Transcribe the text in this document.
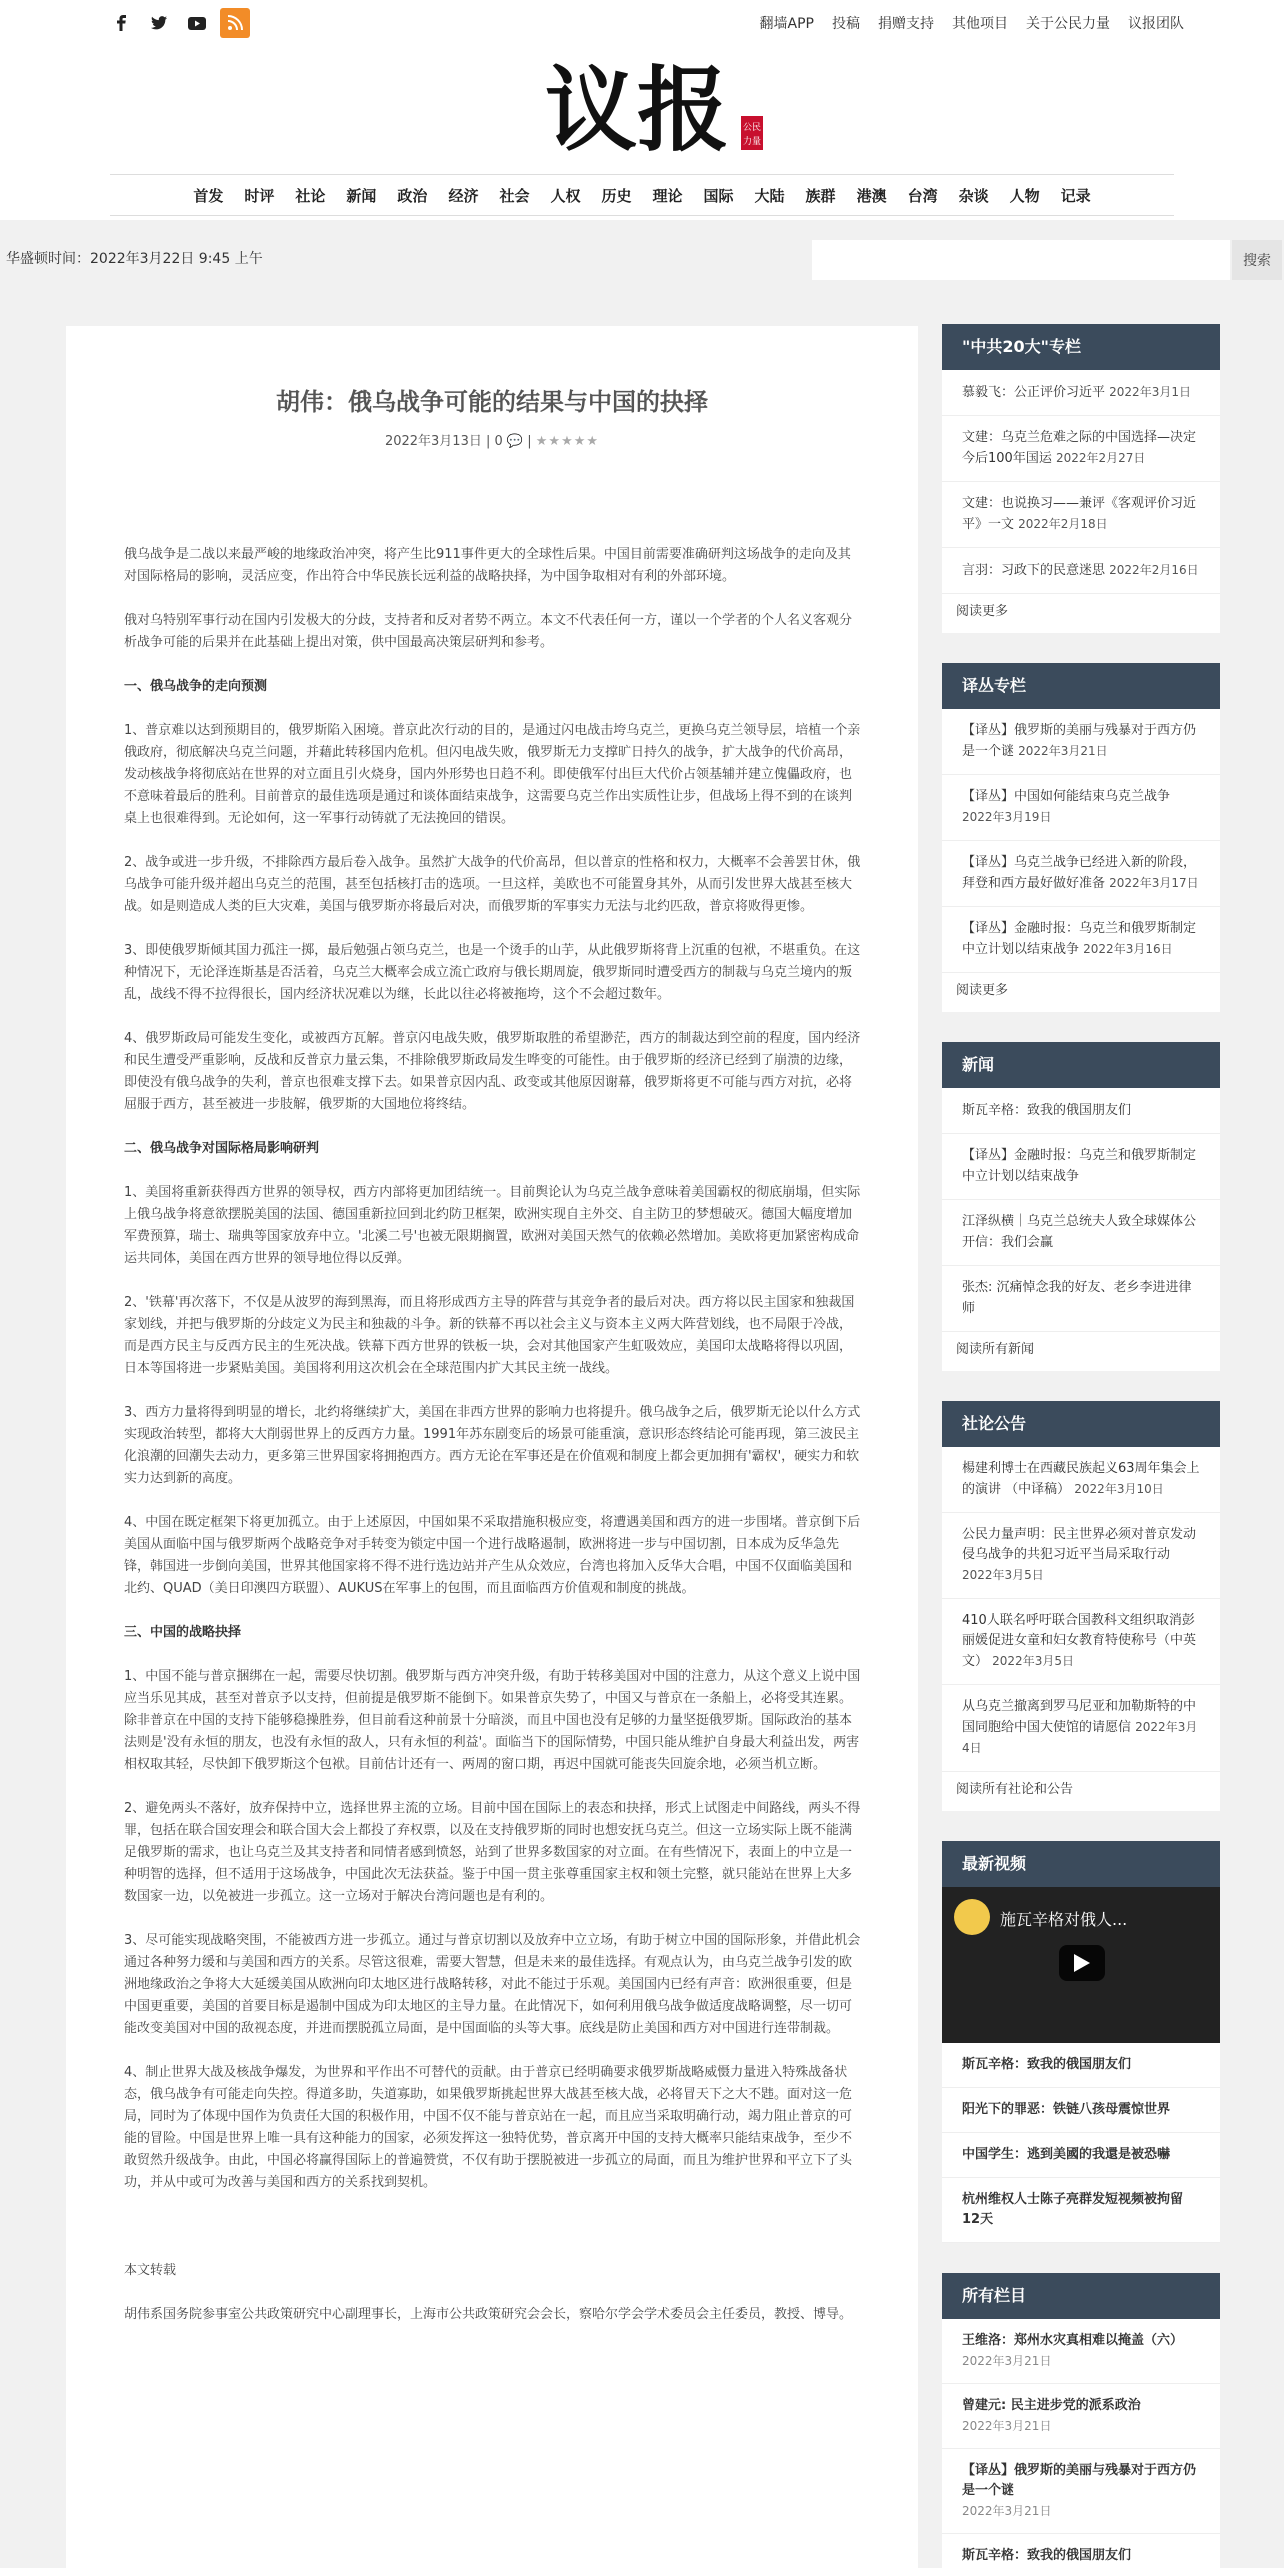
翻墙APP 投稿 捐赠支持 其他项目 关于公民力量 议报团队
议报 公民
力量
首发 时评 社论 新闻 政治 经济 社会 人权 历史 理论 国际 大陆 族群 港澳 台湾 杂谈 人物 记录
华盛顿时间：2022年3月22日 9:45 上午	搜索
胡伟：俄乌战争可能的结果与中国的抉择
2022年3月13日 | 0 💬 | ★★★★★

俄乌战争是二战以来最严峻的地缘政治冲突，将产生比911事件更大的全球性后果。中国目前需要准确研判这场战争的走向及其对国际格局的影响，灵活应变，作出符合中华民族长远利益的战略抉择，为中国争取相对有利的外部环境。

俄对乌特别军事行动在国内引发极大的分歧，支持者和反对者势不两立。本文不代表任何一方，谨以一个学者的个人名义客观分析战争可能的后果并在此基础上提出对策，供中国最高决策层研判和参考。

一、俄乌战争的走向预测

1、普京难以达到预期目的，俄罗斯陷入困境。普京此次行动的目的，是通过闪电战击垮乌克兰，更换乌克兰领导层，培植一个亲俄政府，彻底解决乌克兰问题，并藉此转移国内危机。但闪电战失败，俄罗斯无力支撑旷日持久的战争，扩大战争的代价高昂，发动核战争将彻底站在世界的对立面且引火烧身，国内外形势也日趋不利。即使俄军付出巨大代价占领基辅并建立傀儡政府，也不意味着最后的胜利。目前普京的最佳选项是通过和谈体面结束战争，这需要乌克兰作出实质性让步，但战场上得不到的在谈判桌上也很难得到。无论如何，这一军事行动铸就了无法挽回的错误。

2、战争或进一步升级，不排除西方最后卷入战争。虽然扩大战争的代价高昂，但以普京的性格和权力，大概率不会善罢甘休，俄乌战争可能升级并超出乌克兰的范围，甚至包括核打击的选项。一旦这样，美欧也不可能置身其外，从而引发世界大战甚至核大战。如是则造成人类的巨大灾难，美国与俄罗斯亦将最后对决，而俄罗斯的军事实力无法与北约匹敌，普京将败得更惨。

3、即使俄罗斯倾其国力孤注一掷，最后勉强占领乌克兰，也是一个烫手的山芋，从此俄罗斯将背上沉重的包袱，不堪重负。在这种情况下，无论泽连斯基是否活着，乌克兰大概率会成立流亡政府与俄长期周旋，俄罗斯同时遭受西方的制裁与乌克兰境内的叛乱，战线不得不拉得很长，国内经济状况难以为继，长此以往必将被拖垮，这个不会超过数年。

4、俄罗斯政局可能发生变化，或被西方瓦解。普京闪电战失败，俄罗斯取胜的希望渺茫，西方的制裁达到空前的程度，国内经济和民生遭受严重影响，反战和反普京力量云集，不排除俄罗斯政局发生哗变的可能性。由于俄罗斯的经济已经到了崩溃的边缘，即使没有俄乌战争的失利，普京也很难支撑下去。如果普京因内乱、政变或其他原因谢幕，俄罗斯将更不可能与西方对抗，必将屈服于西方，甚至被进一步肢解，俄罗斯的大国地位将终结。

二、俄乌战争对国际格局影响研判

1、美国将重新获得西方世界的领导权，西方内部将更加团结统一。目前舆论认为乌克兰战争意味着美国霸权的彻底崩塌，但实际上俄乌战争将意欲摆脱美国的法国、德国重新拉回到北约防卫框架，欧洲实现自主外交、自主防卫的梦想破灭。德国大幅度增加军费预算，瑞士、瑞典等国家放弃中立。'北溪二号'也被无限期搁置，欧洲对美国天然气的依赖必然增加。美欧将更加紧密构成命运共同体，美国在西方世界的领导地位得以反弹。

2、'铁幕'再次落下，不仅是从波罗的海到黑海，而且将形成西方主导的阵营与其竞争者的最后对决。西方将以民主国家和独裁国家划线，并把与俄罗斯的分歧定义为民主和独裁的斗争。新的铁幕不再以社会主义与资本主义两大阵营划线，也不局限于冷战，而是西方民主与反西方民主的生死决战。铁幕下西方世界的铁板一块，会对其他国家产生虹吸效应，美国印太战略将得以巩固，日本等国将进一步紧贴美国。美国将利用这次机会在全球范围内扩大其民主统一战线。

3、西方力量将得到明显的增长，北约将继续扩大，美国在非西方世界的影响力也将提升。俄乌战争之后，俄罗斯无论以什么方式实现政治转型，都将大大削弱世界上的反西方力量。1991年苏东剧变后的场景可能重演，意识形态终结论可能再现，第三波民主化浪潮的回潮失去动力，更多第三世界国家将拥抱西方。西方无论在军事还是在价值观和制度上都会更加拥有'霸权'，硬实力和软实力达到新的高度。

4、中国在既定框架下将更加孤立。由于上述原因，中国如果不采取措施积极应变，将遭遇美国和西方的进一步围堵。普京倒下后美国从面临中国与俄罗斯两个战略竞争对手转变为锁定中国一个进行战略遏制，欧洲将进一步与中国切割，日本成为反华急先锋，韩国进一步倒向美国，世界其他国家将不得不进行选边站并产生从众效应，台湾也将加入反华大合唱，中国不仅面临美国和北约、QUAD（美日印澳四方联盟）、AUKUS在军事上的包围，而且面临西方价值观和制度的挑战。

三、中国的战略抉择

1、中国不能与普京捆绑在一起，需要尽快切割。俄罗斯与西方冲突升级，有助于转移美国对中国的注意力，从这个意义上说中国应当乐见其成，甚至对普京予以支持，但前提是俄罗斯不能倒下。如果普京失势了，中国又与普京在一条船上，必将受其连累。除非普京在中国的支持下能够稳操胜券，但目前看这种前景十分暗淡，而且中国也没有足够的力量坚挺俄罗斯。国际政治的基本法则是'没有永恒的朋友，也没有永恒的敌人，只有永恒的利益'。面临当下的国际情势，中国只能从维护自身最大利益出发，两害相权取其轻，尽快卸下俄罗斯这个包袱。目前估计还有一、两周的窗口期，再迟中国就可能丧失回旋余地，必须当机立断。

2、避免两头不落好，放弃保持中立，选择世界主流的立场。目前中国在国际上的表态和抉择，形式上试图走中间路线，两头不得罪，包括在联合国安理会和联合国大会上都投了弃权票，以及在支持俄罗斯的同时也想安抚乌克兰。但这一立场实际上既不能满足俄罗斯的需求，也让乌克兰及其支持者和同情者感到愤怒，站到了世界多数国家的对立面。在有些情况下，表面上的中立是一种明智的选择，但不适用于这场战争，中国此次无法获益。鉴于中国一贯主张尊重国家主权和领土完整，就只能站在世界上大多数国家一边，以免被进一步孤立。这一立场对于解决台湾问题也是有利的。

3、尽可能实现战略突围，不能被西方进一步孤立。通过与普京切割以及放弃中立立场，有助于树立中国的国际形象，并借此机会通过各种努力缓和与美国和西方的关系。尽管这很难，需要大智慧，但是未来的最佳选择。有观点认为，由乌克兰战争引发的欧洲地缘政治之争将大大延缓美国从欧洲向印太地区进行战略转移，对此不能过于乐观。美国国内已经有声音：欧洲很重要，但是中国更重要，美国的首要目标是遏制中国成为印太地区的主导力量。在此情况下，如何利用俄乌战争做适度战略调整，尽一切可能改变美国对中国的敌视态度，并进而摆脱孤立局面，是中国面临的头等大事。底线是防止美国和西方对中国进行连带制裁。

4、制止世界大战及核战争爆发，为世界和平作出不可替代的贡献。由于普京已经明确要求俄罗斯战略威慑力量进入特殊战备状态，俄乌战争有可能走向失控。得道多助，失道寡助，如果俄罗斯挑起世界大战甚至核大战，必将冒天下之大不韪。面对这一危局，同时为了体现中国作为负责任大国的积极作用，中国不仅不能与普京站在一起，而且应当采取明确行动，竭力阻止普京的可能的冒险。中国是世界上唯一具有这种能力的国家，必须发挥这一独特优势，普京离开中国的支持大概率只能结束战争，至少不敢贸然升级战争。由此，中国必将赢得国际上的普遍赞赏，不仅有助于摆脱被进一步孤立的局面，而且为维护世界和平立下了头功，并从中或可为改善与美国和西方的关系找到契机。

本文转载

胡伟系国务院参事室公共政策研究中心副理事长，上海市公共政策研究会会长，察哈尔学会学术委员会主任委员，教授、博导。

"中共20大"专栏
慕毅飞：公正评价习近平 2022年3月1日
文建：乌克兰危难之际的中国选择—决定今后100年国运 2022年2月27日
文建：也说换习——兼评《客观评价习近平》一文 2022年2月18日
言羽：习政下的民意迷思 2022年2月16日
阅读更多
译丛专栏
【译丛】俄罗斯的美丽与残暴对于西方仍是一个谜 2022年3月21日
【译丛】中国如何能结束乌克兰战争 2022年3月19日
【译丛】乌克兰战争已经进入新的阶段，拜登和西方最好做好准备 2022年3月17日
【译丛】金融时报：乌克兰和俄罗斯制定中立计划以结束战争 2022年3月16日
阅读更多
新闻
斯瓦辛格：致我的俄国朋友们
【译丛】金融时报：乌克兰和俄罗斯制定中立计划以结束战争
江泽纵横｜乌克兰总统夫人致全球媒体公开信：我们会赢
张杰: 沉痛悼念我的好友、老乡李进进律师
阅读所有新闻
社论公告
楊建利博士在西藏民族起义63周年集会上的演讲 （中译稿） 2022年3月10日
公民力量声明：民主世界必须对普京发动侵乌战争的共犯习近平当局采取行动 2022年3月5日
410人联名呼吁联合国教科文组织取消彭丽媛促进女童和妇女教育特使称号（中英文） 2022年3月5日
从乌克兰撤离到罗马尼亚和加勒斯特的中国同胞给中国大使馆的请愿信 2022年3月4日
阅读所有社论和公告
最新视频
施瓦辛格对俄人...
斯瓦辛格：致我的俄国朋友们
阳光下的罪恶：铁链八孩母震惊世界
中国学生：逃到美國的我還是被恐嚇
杭州维权人士陈子亮群发短视频被拘留12天
所有栏目
王维洛：郑州水灾真相难以掩盖（六）
2022年3月21日
曾建元: 民主进步党的派系政治
2022年3月21日
【译丛】俄罗斯的美丽与残暴对于西方仍是一个谜
2022年3月21日
斯瓦辛格：致我的俄国朋友们
